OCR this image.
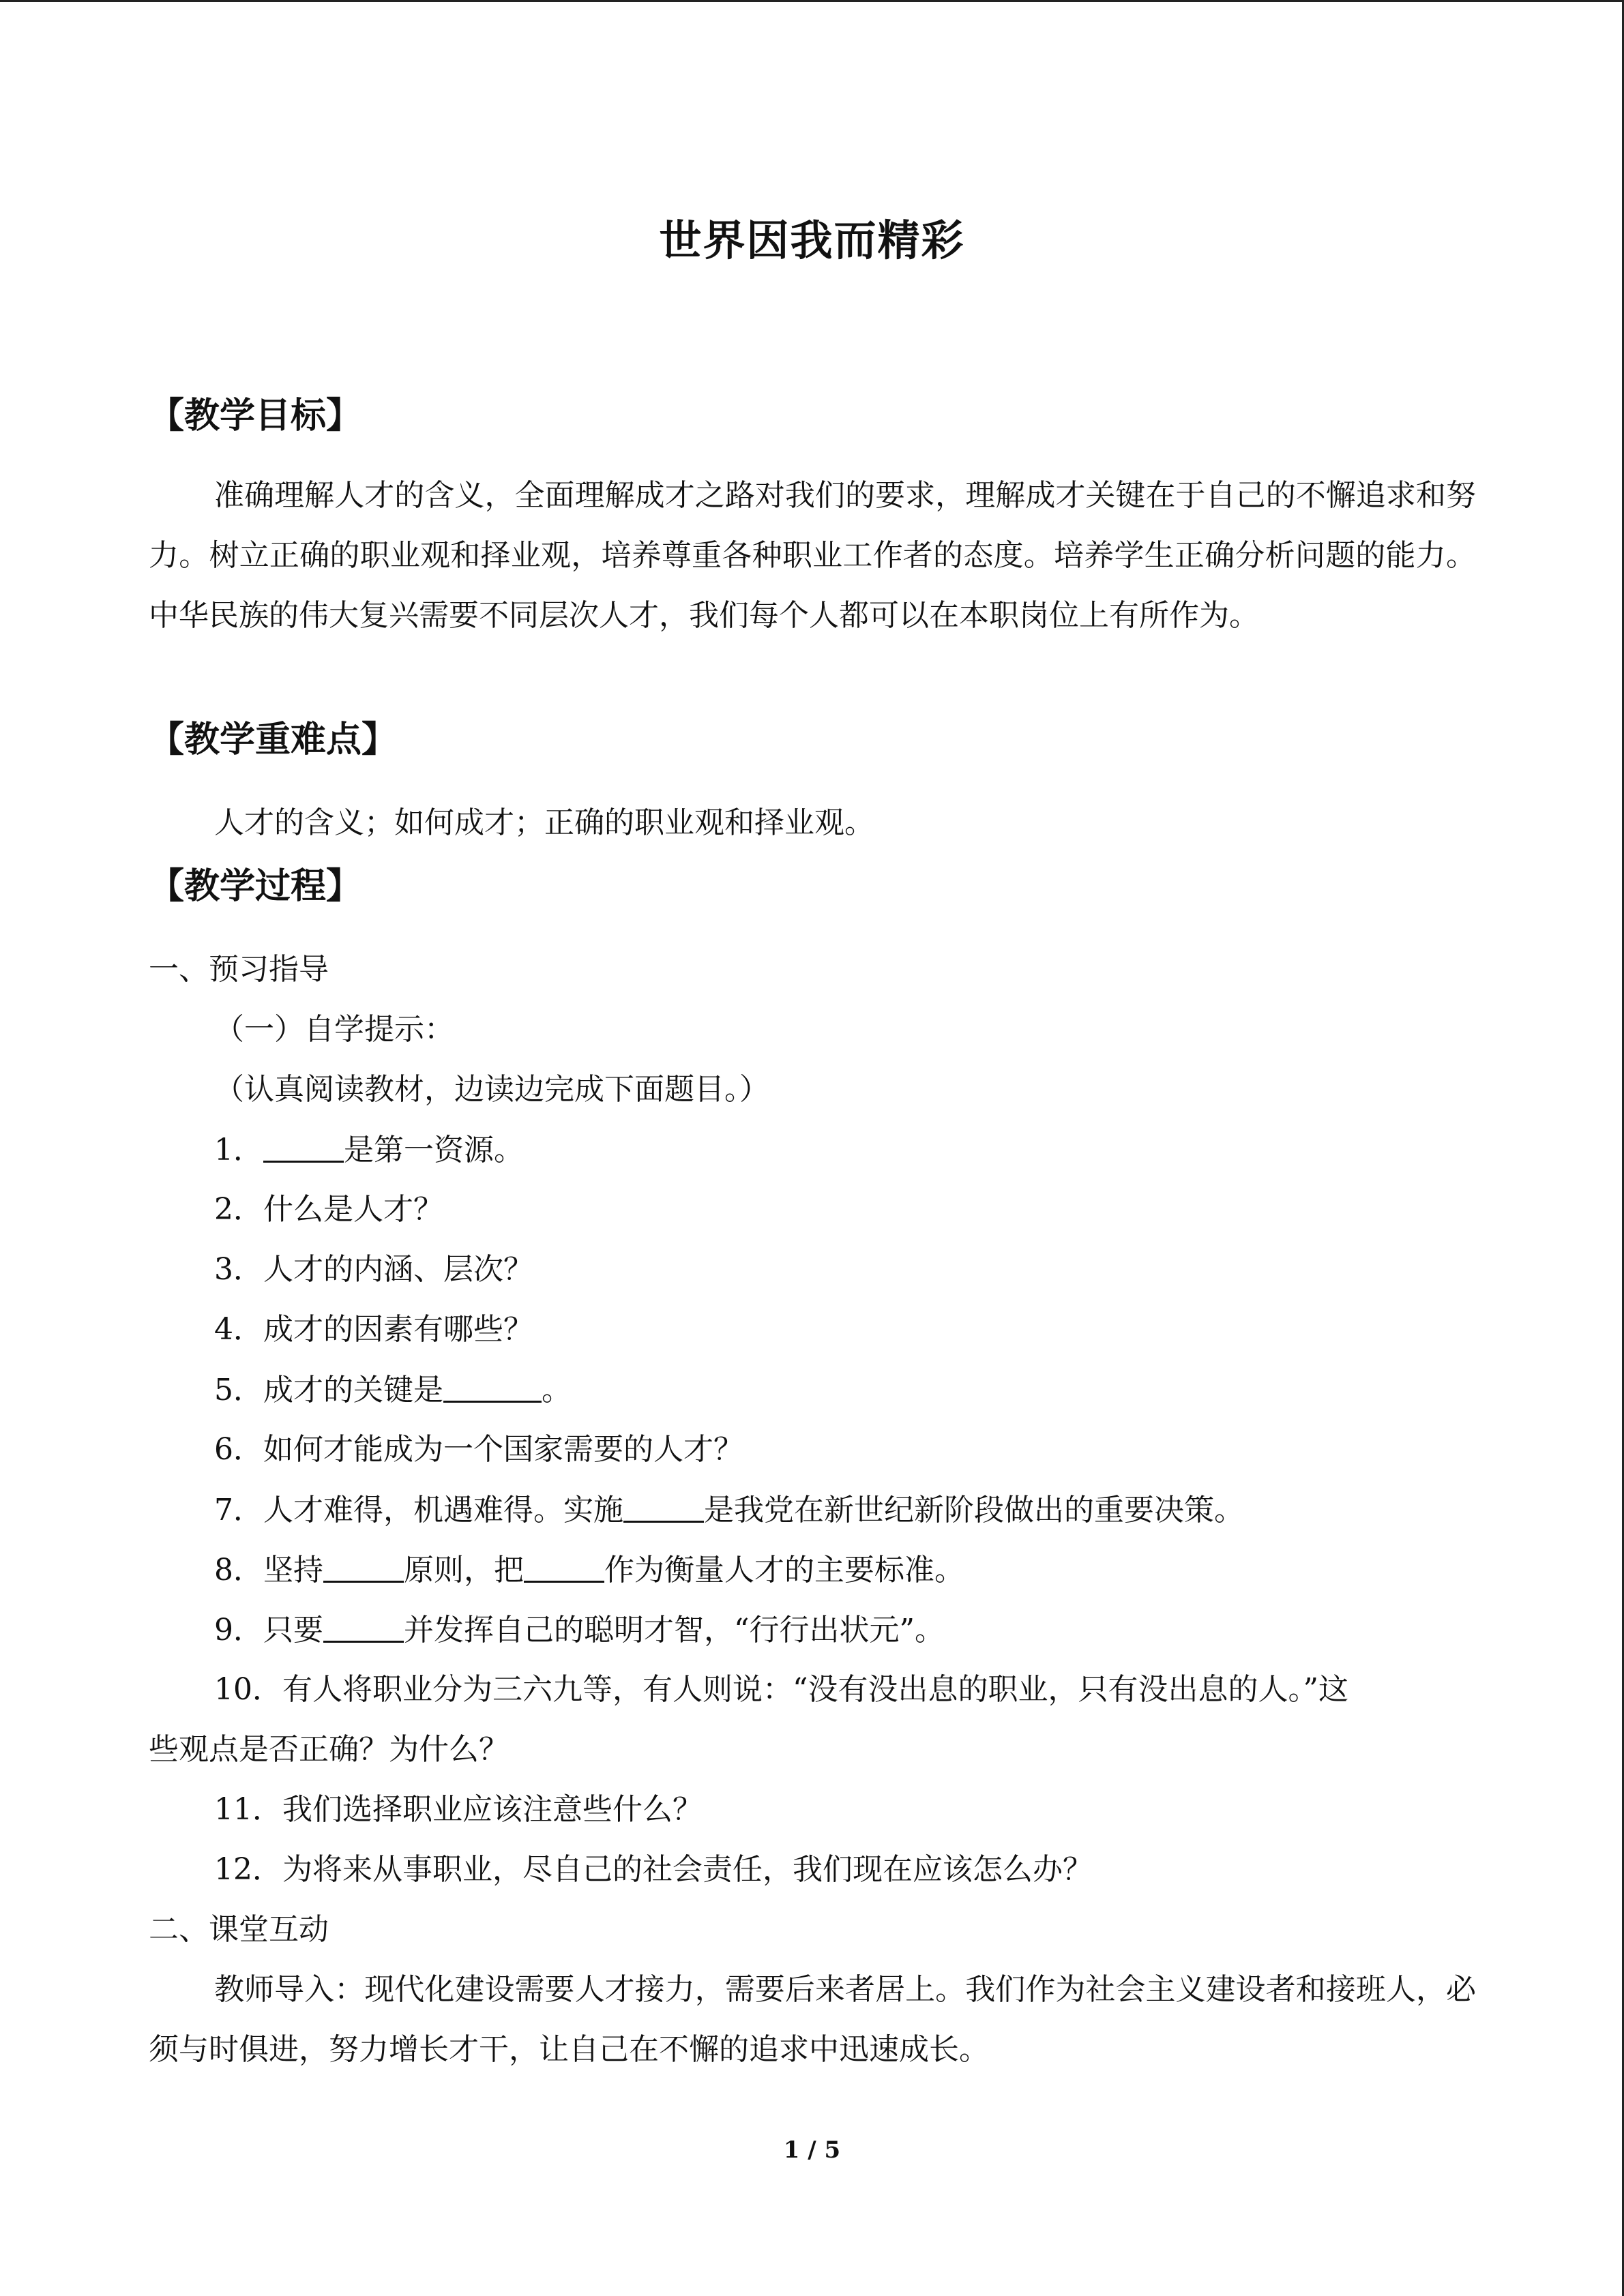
世界因我而精彩
【教学目标】

准确理解人才的含义，全面理解成才之路对我们的要求，理解成才关键在于自己的不懈追求和努力。树立正确的职业观和择业观，培养尊重各种职业工作者的态度。培养学生正确分析问题的能力。中华民族的伟大复兴需要不同层次人才，我们每个人都可以在本职岗位上有所作为。

【教学重难点】

人才的含义；如何成才；正确的职业观和择业观。

【教学过程】
一、预习指导
（一）自学提示：
（认真阅读教材，边读边完成下面题目。）
1．	是第一资源。
2．什么是人才？
3．人才的内涵、层次？
4．成才的因素有哪些？
5．成才的关键是	。
6．如何才能成为一个国家需要的人才？
7．人才难得，机遇难得。实施	是我党在新世纪新阶段做出的重要决策。
8．坚持	原则，把	作为衡量人才的主要标准。
9．只要	并发挥自己的聪明才智，“行行出状元”。
10．有人将职业分为三六九等，有人则说：“没有没出息的职业，只有没出息的人。”这
些观点是否正确？为什么？
11．我们选择职业应该注意些什么？
12．为将来从事职业，尽自己的社会责任，我们现在应该怎么办？
二、课堂互动

教师导入：现代化建设需要人才接力，需要后来者居上。我们作为社会主义建设者和接班人，必须与时俱进，努力增长才干，让自己在不懈的追求中迅速成长。

1 / 5
